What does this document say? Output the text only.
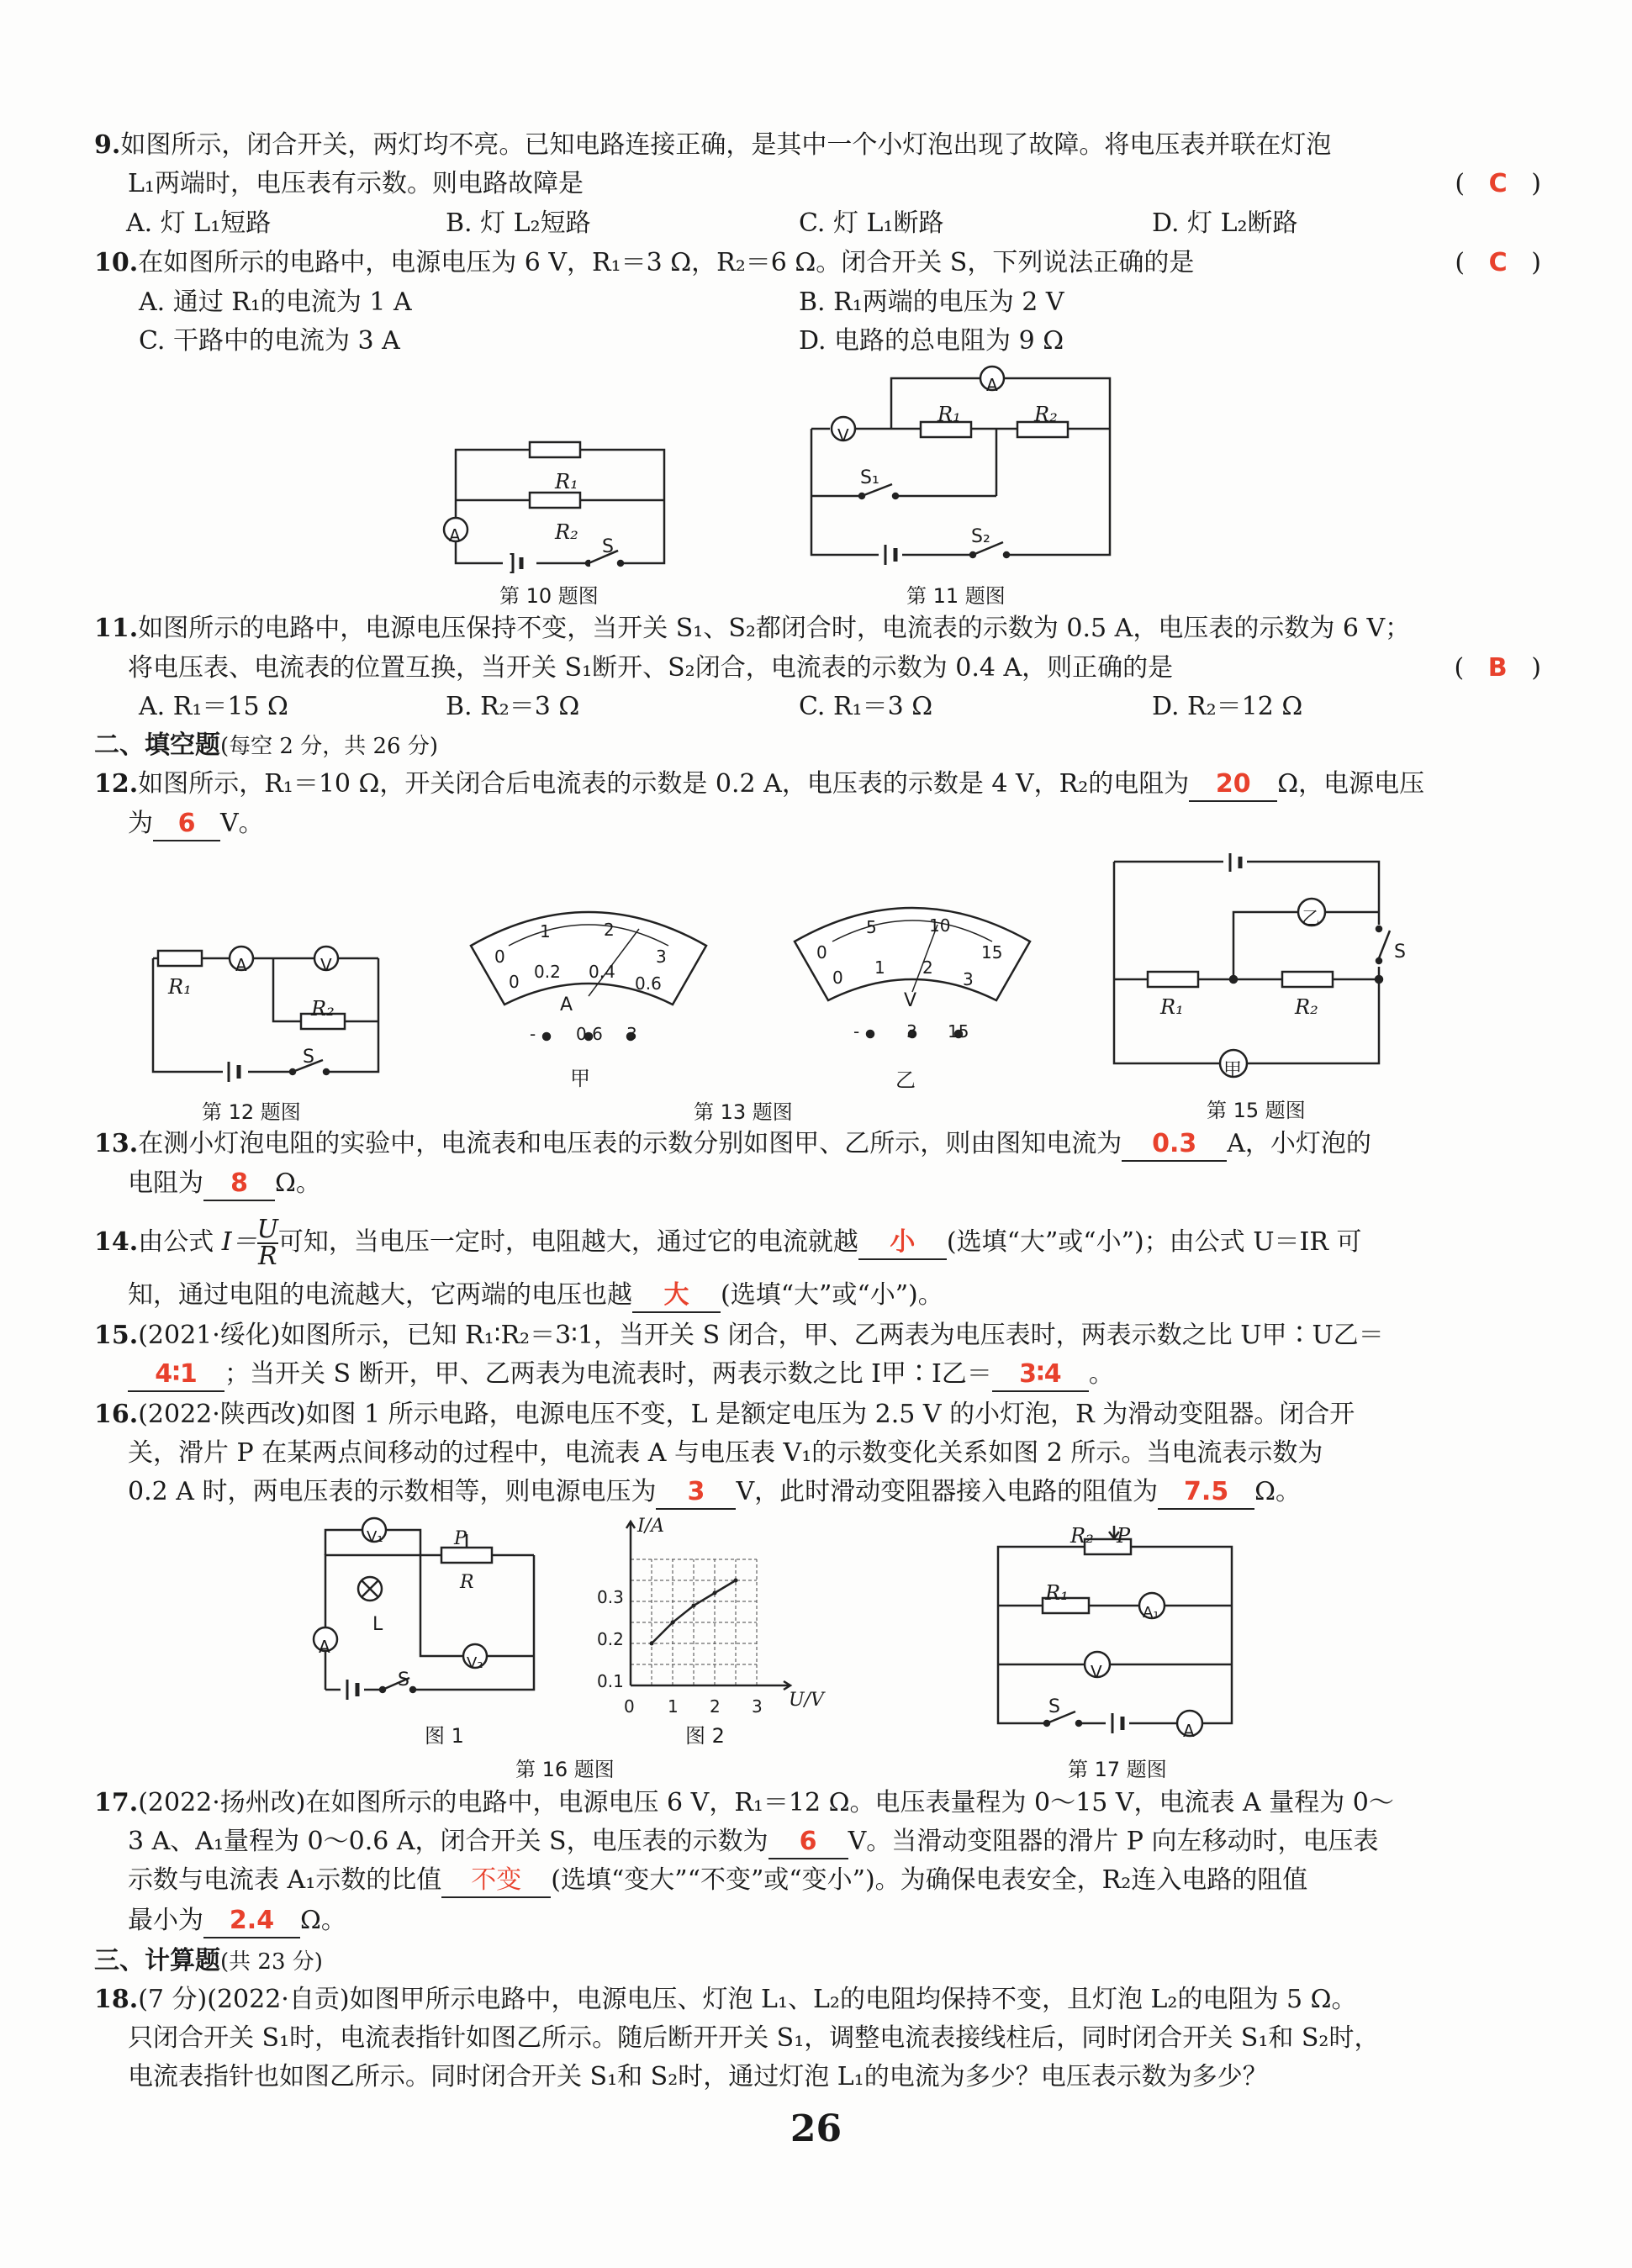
9.如图所示，闭合开关，两灯均不亮。已知电路连接正确，是其中一个小灯泡出现了故障。将电压表并联在灯泡
L₁两端时，电压表有示数。则电路故障是	( C )
A. 灯 L₁短路	B. 灯 L₂短路	C. 灯 L₁断路	D. 灯 L₂断路
10.在如图所示的电路中，电源电压为 6 V，R₁＝3 Ω，R₂＝6 Ω。闭合开关 S，下列说法正确的是	( C )
A. 通过 R₁的电流为 1 A	B. R₁两端的电压为 2 V
C. 干路中的电流为 3 A	D. 电路的总电阻为 9 Ω
R₁
R₂
A
S
第 10 题图
R₁	R₂
A
V
S₁
S₂
第 11 题图
11.如图所示的电路中，电源电压保持不变，当开关 S₁、S₂都闭合时，电流表的示数为 0.5 A，电压表的示数为 6 V；
将电压表、电流表的位置互换，当开关 S₁断开、S₂闭合，电流表的示数为 0.4 A，则正确的是	( B )
A. R₁＝15 Ω	B. R₂＝3 Ω	C. R₁＝3 Ω	D. R₂＝12 Ω
二、填空题(每空 2 分，共 26 分)
12.如图所示，R₁＝10 Ω，开关闭合后电流表的示数是 0.2 A，电压表的示数是 4 V，R₂的电阻为 20 Ω，电源电压
为 6 V。
R₁
R₂
A	V
S
第 12 题图
1	2
0	3
0 0.2 0.4
0.6
A
- 0.6 3
甲
5	10
0	15
0 1 2
3
V
-	3 15
乙
第 13 题图
R₁	R₂
乙
甲
S
第 15 题图
13.在测小灯泡电阻的实验中，电流表和电压表的示数分别如图甲、乙所示，则由图知电流为 0.3 A，小灯泡的
电阻为 8 Ω。
14.由公式 $I= \frac{U}{R}$ 可知，当电压一定时，电阻越大，通过它的电流就越 小 (选填“大”或“小”)；由公式 U＝IR 可
知，通过电阻的电流越大，它两端的电压也越 大 (选填“大”或“小”)。
15.(2021·绥化)如图所示，已知 R₁∶R₂＝3∶1，当开关 S 闭合，甲、乙两表为电压表时，两表示数之比 U甲∶U乙＝
4∶1 ；当开关 S 断开，甲、乙两表为电流表时，两表示数之比 I甲∶I乙＝ 3∶4 。
16.(2022·陕西改)如图 1 所示电路，电源电压不变，L 是额定电压为 2.5 V 的小灯泡，R 为滑动变阻器。闭合开
关，滑片 P 在某两点间移动的过程中，电流表 A 与电压表 V₁的示数变化关系如图 2 所示。当电流表示数为
0.2 A 时，两电压表的示数相等，则电源电压为 3 V，此时滑动变阻器接入电路的阻值为 7.5 Ω。
V₁
V₂
L
P
R
A
S
图 1
I/A
U/V
0.1
0.2
0.3
0 1 2 3
图 2
第 16 题图
R₂ P
R₁
A₁
V
S
A
第 17 题图
17.(2022·扬州改)在如图所示的电路中，电源电压 6 V，R₁＝12 Ω。电压表量程为 0～15 V，电流表 A 量程为 0～
3 A、A₁量程为 0～0.6 A，闭合开关 S，电压表的示数为 6 V。当滑动变阻器的滑片 P 向左移动时，电压表
示数与电流表 A₁示数的比值 不变 (选填“变大”“不变”或“变小”)。为确保电表安全，R₂连入电路的阻值
最小为 2.4 Ω。
三、计算题(共 23 分)
18.(7 分)(2022·自贡)如图甲所示电路中，电源电压、灯泡 L₁、L₂的电阻均保持不变，且灯泡 L₂的电阻为 5 Ω。
只闭合开关 S₁时，电流表指针如图乙所示。随后断开开关 S₁，调整电流表接线柱后，同时闭合开关 S₁和 S₂时，
电流表指针也如图乙所示。同时闭合开关 S₁和 S₂时，通过灯泡 L₁的电流为多少？电压表示数为多少？
26
